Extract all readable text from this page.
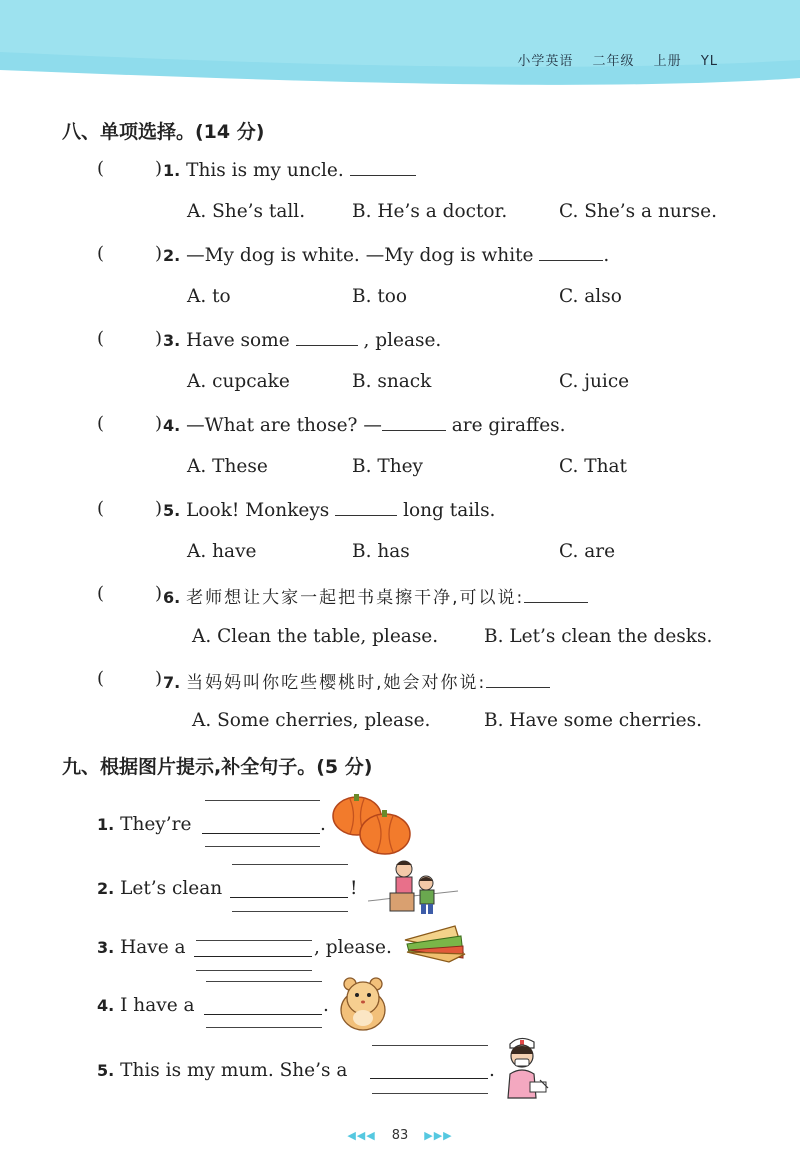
小学英语 二年级 上册 YL
八、单项选择。(14 分)
(	) 1. This is my uncle.
A. She’s tall.	B. He’s a doctor.	C. She’s a nurse.
(	) 2. —My dog is white. —My dog is white	.
A. to	B. too	C. also
(	) 3. Have some	, please.
A. cupcake	B. snack	C. juice
(	) 4. —What are those? —	are giraffes.
A. These	B. They	C. That
(	) 5. Look! Monkeys	long tails.
A. have	B. has	C. are
(	) 6. 老师想让大家一起把书桌擦干净,可以说:
A. Clean the table, please. B. Let’s clean the desks.
(	) 7. 当妈妈叫你吃些樱桃时,她会对你说:
A. Some cherries, please.	B. Have some cherries.
九、根据图片提示,补全句子。(5 分)
1. They’re	.
2. Let’s clean	!
3. Have a	, please.
4. I have a	.
5. This is my mum. She’s a	.
◀◀◀ 83 ▶▶▶
